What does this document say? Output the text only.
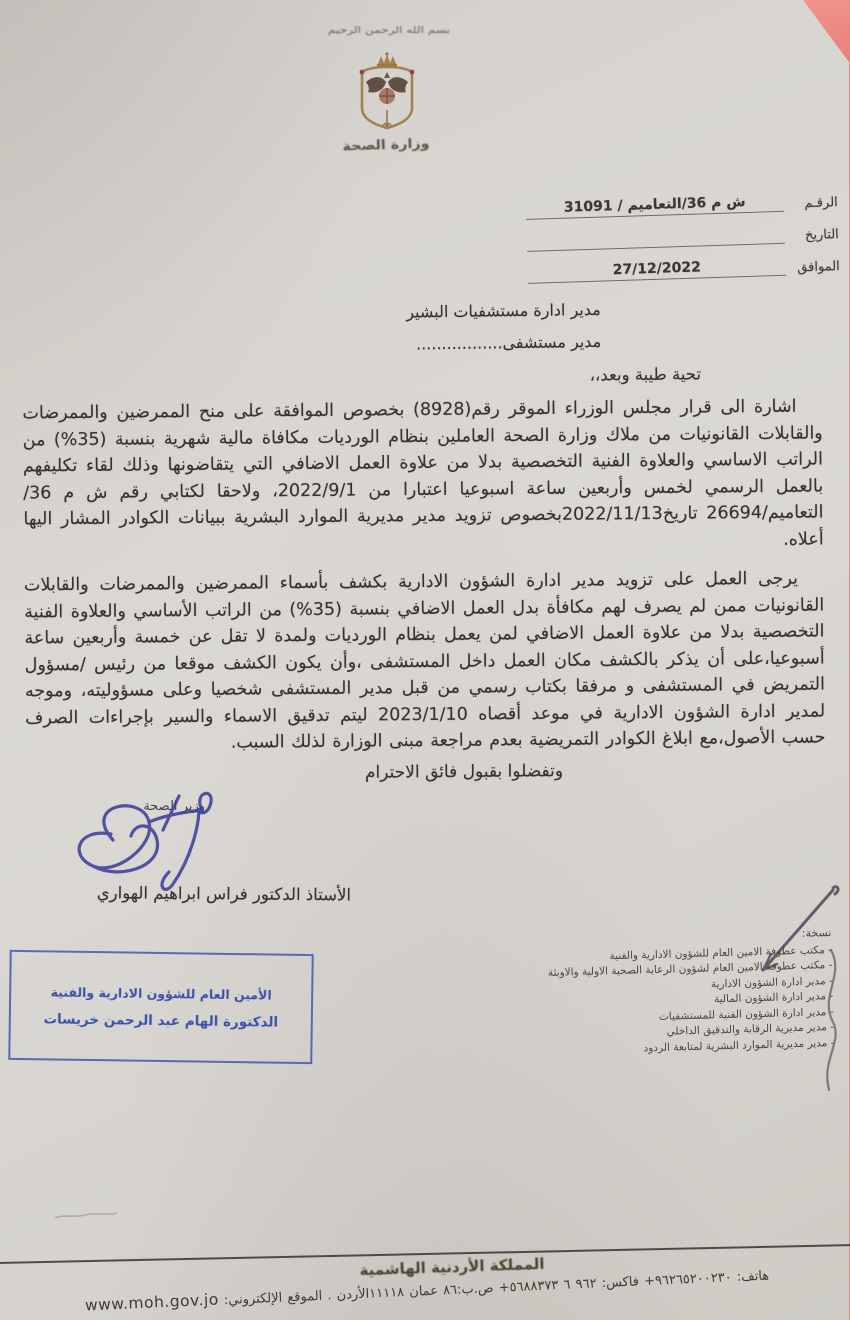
بسم الله الرحمن الرحيم
وزارة الصحة
الرقـم
ش م 36/التعاميم / 31091
التاريخ
الموافق
27/12/2022
مدير ادارة مستشفيات البشير
مدير مستشفى.................
تحية طيبة وبعد،،

اشارة الى قرار مجلس الوزراء الموقر رقم(8928) بخصوص الموافقة على منح الممرضين والممرضات والقابلات القانونيات من ملاك وزارة الصحة العاملين بنظام الورديات مكافاة مالية شهرية بنسبة (35%) من الراتب الاساسي والعلاوة الفنية التخصصية بدلا من علاوة العمل الاضافي التي يتقاضونها وذلك لقاء تكليفهم بالعمل الرسمي لخمس وأربعين ساعة اسبوعيا اعتبارا من 2022/9/1، ولاحقا لكتابي رقم ش م 36/ التعاميم/26694 تاريخ2022/11/13بخصوص تزويد مدير مديرية الموارد البشرية ببيانات الكوادر المشار اليها أعلاه.

يرجى العمل على تزويد مدير ادارة الشؤون الادارية بكشف بأسماء الممرضين والممرضات والقابلات القانونيات ممن لم يصرف لهم مكافأة بدل العمل الاضافي بنسبة (35%) من الراتب الأساسي والعلاوة الفنية التخصصية بدلا من علاوة العمل الاضافي لمن يعمل بنظام الورديات ولمدة لا تقل عن خمسة وأربعين ساعة أسبوعيا،على أن يذكر بالكشف مكان العمل داخل المستشفى ،وأن يكون الكشف موقعا من رئيس /مسؤول التمريض في المستشفى و مرفقا بكتاب رسمي من قبل مدير المستشفى شخصيا وعلى مسؤوليته، وموجه لمدير ادارة الشؤون الادارية في موعد أقصاه 2023/1/10 ليتم تدقيق الاسماء والسير بإجراءات الصرف حسب الأصول،مع ابلاغ الكوادر التمريضية بعدم مراجعة مبنى الوزارة لذلك السبب.

وتفضلوا بقبول فائق الاحترام
وزير الصحة
الأستاذ الدكتور فراس ابراهيم الهواري
الأمين العام للشؤون الادارية والفنية
الدكتورة الهام عبد الرحمن خريسات
نسخة:
- مكتب عطوفة الامين العام للشؤون الادارية والفنية
- مكتب عطوفة الامين العام لشؤون الرعاية الصحية الاولية والاوبئة
- مدير ادارة الشؤون الادارية
- مدير ادارة الشؤون المالية
- مدير ادارة الشؤون الفنية للمستشفيات
- مدير مديرية الرقابة والتدقيق الداخلي
- مدير مديرية الموارد البشرية لمتابعة الردود
المملكة الأردنية الهاشمية
هاتف: ٩٦٢٦٥٢٠٠٢٣٠+ فاكس: ٩٦٢ ٦ ٥٦٨٨٣٧٣+ ص.ب:٨٦ عمان ١١١١٨الأردن . الموقع الإلكتروني: www.moh.gov.jo
